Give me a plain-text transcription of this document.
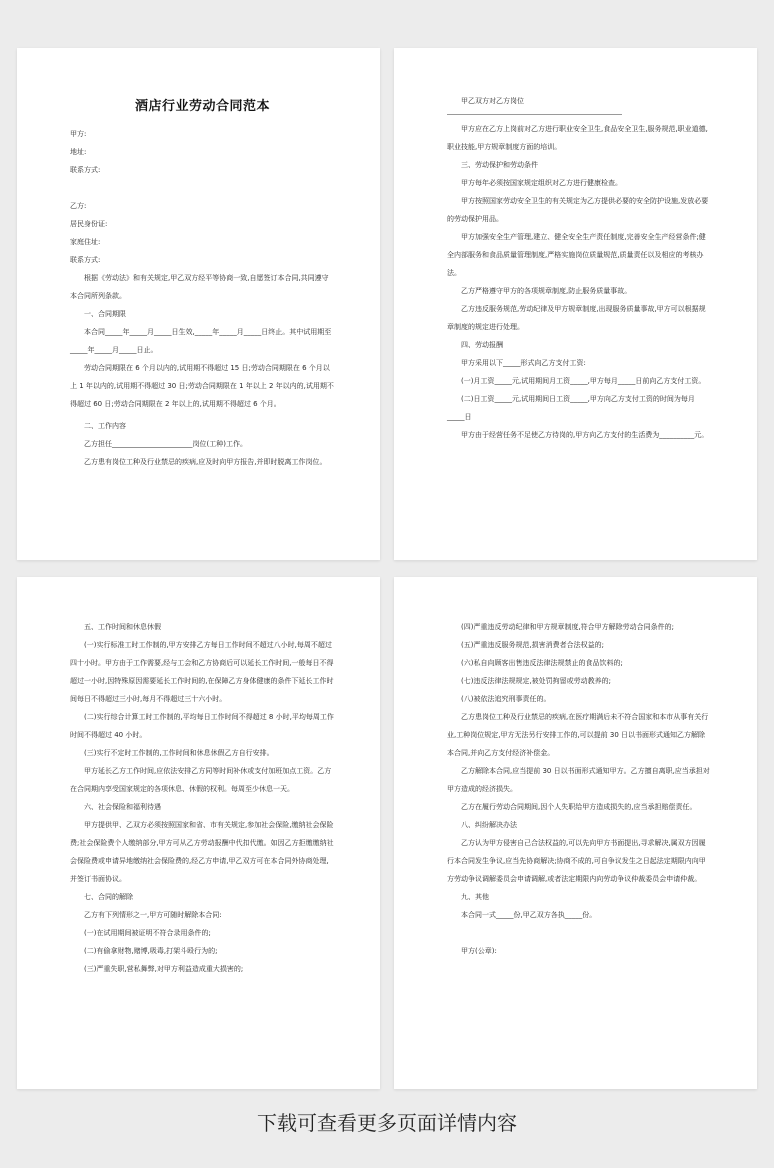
酒店行业劳动合同范本

甲方:

地址:

联系方式:

乙方:

居民身份证:

家庭住址:

联系方式:

根据《劳动法》和有关规定,甲乙双方经平等协商一致,自愿签订本合同,共同遵守本合同所列条款。

一、合同期限

本合同_____年_____月_____日生效,_____年_____月_____日终止。其中试用期至_____年_____月_____日止。

劳动合同期限在 6 个月以内的,试用期不得超过 15 日;劳动合同期限在 6 个月以上 1 年以内的,试用期不得超过 30 日;劳动合同期限在 1 年以上 2 年以内的,试用期不得超过 60 日;劳动合同期限在 2 年以上的,试用期不得超过 6 个月。

二、工作内容

乙方担任_______________________岗位(工种)工作。

乙方患有岗位工种及行业禁忌的疾病,应及时向甲方报告,并即时脱离工作岗位。

甲乙双方对乙方岗位

甲方应在乙方上岗前对乙方进行职业安全卫生,食品安全卫生,服务规范,职业道德,职业技能,甲方规章制度方面的培训。

三、劳动保护和劳动条件

甲方每年必须按国家规定组织对乙方进行健康检查。

甲方按照国家劳动安全卫生的有关规定为乙方提供必要的安全防护设施,发放必要的劳动保护用品。

甲方加强安全生产管理,建立、健全安全生产责任制度,完善安全生产经营条件;健全内部服务和食品质量管理制度,严格实施岗位质量规范,质量责任以及相应的考核办法。

乙方严格遵守甲方的各项规章制度,防止服务质量事故。

乙方违反服务规范,劳动纪律及甲方规章制度,出现服务质量事故,甲方可以根据规章制度的规定进行处理。

四、劳动报酬

甲方采用以下_____形式向乙方支付工资:

(一)月工资_____元,试用期间月工资_____,甲方每月_____日前向乙方支付工资。

(二)日工资_____元,试用期间日工资_____,甲方向乙方支付工资的时间为每月_____日

甲方由于经营任务不足使乙方待岗的,甲方向乙方支付的生活费为__________元。

五、工作时间和休息休假

(一)实行标准工时工作制的,甲方安排乙方每日工作时间不超过八小时,每周不超过四十小时。甲方由于工作需要,经与工会和乙方协商后可以延长工作时间,一般每日不得超过一小时,因特殊原因需要延长工作时间的,在保障乙方身体健康的条件下延长工作时间每日不得超过三小时,每月不得超过三十六小时。

(二)实行综合计算工时工作制的,平均每日工作时间不得超过 8 小时,平均每周工作时间不得超过 40 小时。

(三)实行不定时工作制的,工作时间和休息休假乙方自行安排。

甲方延长乙方工作时间,应依法安排乙方同等时间补休或支付加班加点工资。乙方在合同期内享受国家规定的各项休息、休假的权利。每周至少休息一天。

六、社会保险和福利待遇

甲方提供甲、乙双方必须按照国家和省、市有关规定,参加社会保险,缴纳社会保险费;社会保险费个人缴纳部分,甲方可从乙方劳动报酬中代扣代缴。如因乙方拒缴缴纳社会保险费或申请异地缴纳社会保险费的,经乙方申请,甲乙双方可在本合同外协商处理,并签订书面协议。

七、合同的解除

乙方有下列情形之一,甲方可随时解除本合同:

(一)在试用期间被证明不符合录用条件的;

(二)有偷拿财物,赌博,吸毒,打架斗殴行为的;

(三)严重失职,营私舞弊,对甲方利益造成重大损害的;

(四)严重违反劳动纪律和甲方规章制度,符合甲方解除劳动合同条件的;

(五)严重违反服务规范,损害消费者合法权益的;

(六)私自向顾客出售违反法律法规禁止的食品饮料的;

(七)违反法律法规规定,被处罚拘留或劳动教养的;

(八)被依法追究刑事责任的。

乙方患岗位工种及行业禁忌的疾病,在医疗期满后未不符合国家和本市从事有关行业,工种岗位规定,甲方无法另行安排工作的,可以提前 30 日以书面形式通知乙方解除本合同,并向乙方支付经济补偿金。

乙方解除本合同,应当提前 30 日以书面形式通知甲方。乙方擅自离职,应当承担对甲方造成的经济损失。

乙方在履行劳动合同期间,因个人失职给甲方造成损失的,应当承担赔偿责任。

八、纠纷解决办法

乙方认为甲方侵害自己合法权益的,可以先向甲方书面提出,寻求解决,属双方因履行本合同发生争议,应当先协商解决;协商不成的,可自争议发生之日起法定期限内向甲方劳动争议调解委员会申请调解,或者法定期限内向劳动争议仲裁委员会申请仲裁。

九、其他

本合同一式_____份,甲乙双方各执_____份。

甲方(公章):

下载可查看更多页面详情内容
